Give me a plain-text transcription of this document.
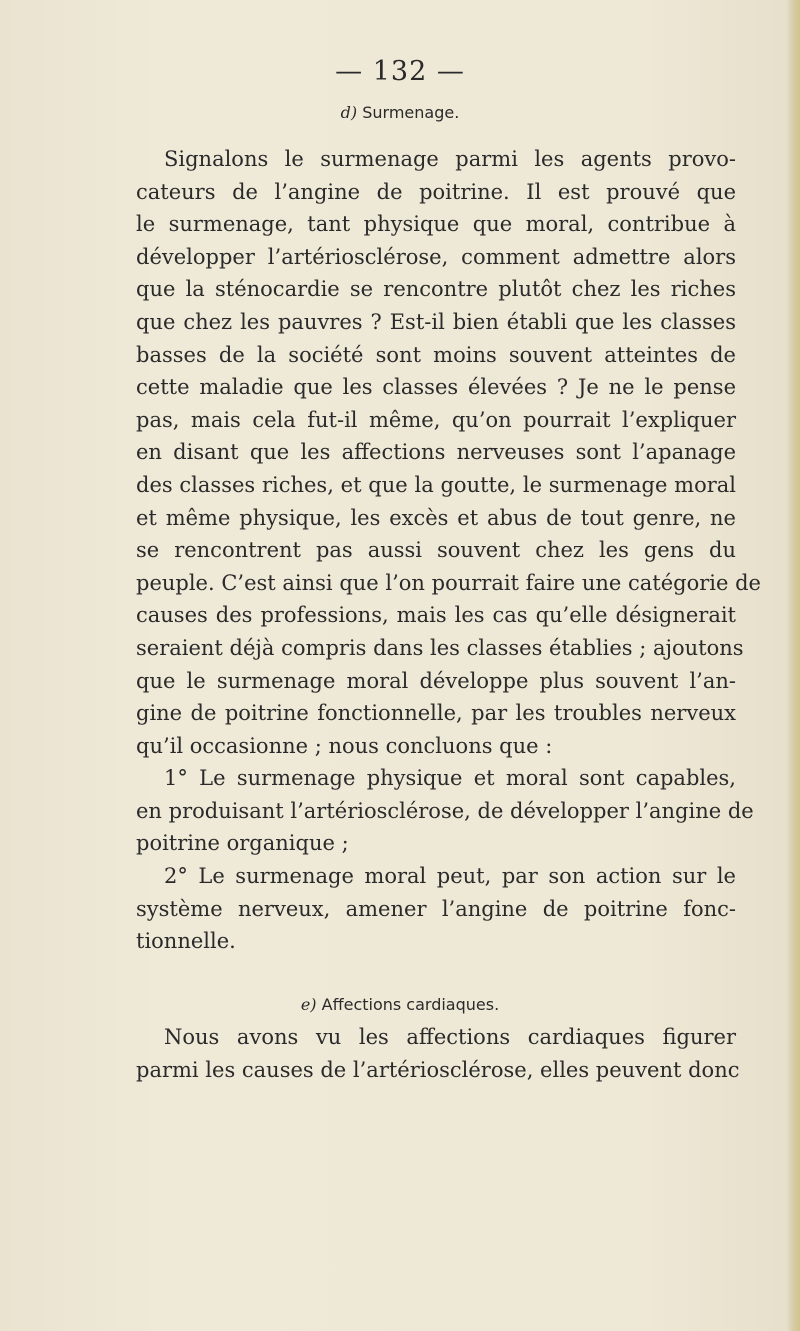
— 132 —
d) Surmenage.
Signalons le surmenage parmi les agents provo-
cateurs de l’angine de poitrine. Il est prouvé que
le surmenage, tant physique que moral, contribue à
développer l’artériosclérose, comment admettre alors
que la sténocardie se rencontre plutôt chez les riches
que chez les pauvres ? Est-il bien établi que les classes
basses de la société sont moins souvent atteintes de
cette maladie que les classes élevées ? Je ne le pense
pas, mais cela fut-il même, qu’on pourrait l’expliquer
en disant que les affections nerveuses sont l’apanage
des classes riches, et que la goutte, le surmenage moral
et même physique, les excès et abus de tout genre, ne
se rencontrent pas aussi souvent chez les gens du
peuple. C’est ainsi que l’on pourrait faire une catégorie de
causes des professions, mais les cas qu’elle désignerait
seraient déjà compris dans les classes établies ; ajoutons
que le surmenage moral développe plus souvent l’an-
gine de poitrine fonctionnelle, par les troubles nerveux
qu’il occasionne ; nous concluons que :
1° Le surmenage physique et moral sont capables,
en produisant l’artériosclérose, de développer l’angine de
poitrine organique ;
2° Le surmenage moral peut, par son action sur le
système nerveux, amener l’angine de poitrine fonc-
tionnelle.
e) Affections cardiaques.
Nous avons vu les affections cardiaques figurer
parmi les causes de l’artériosclérose, elles peuvent donc
